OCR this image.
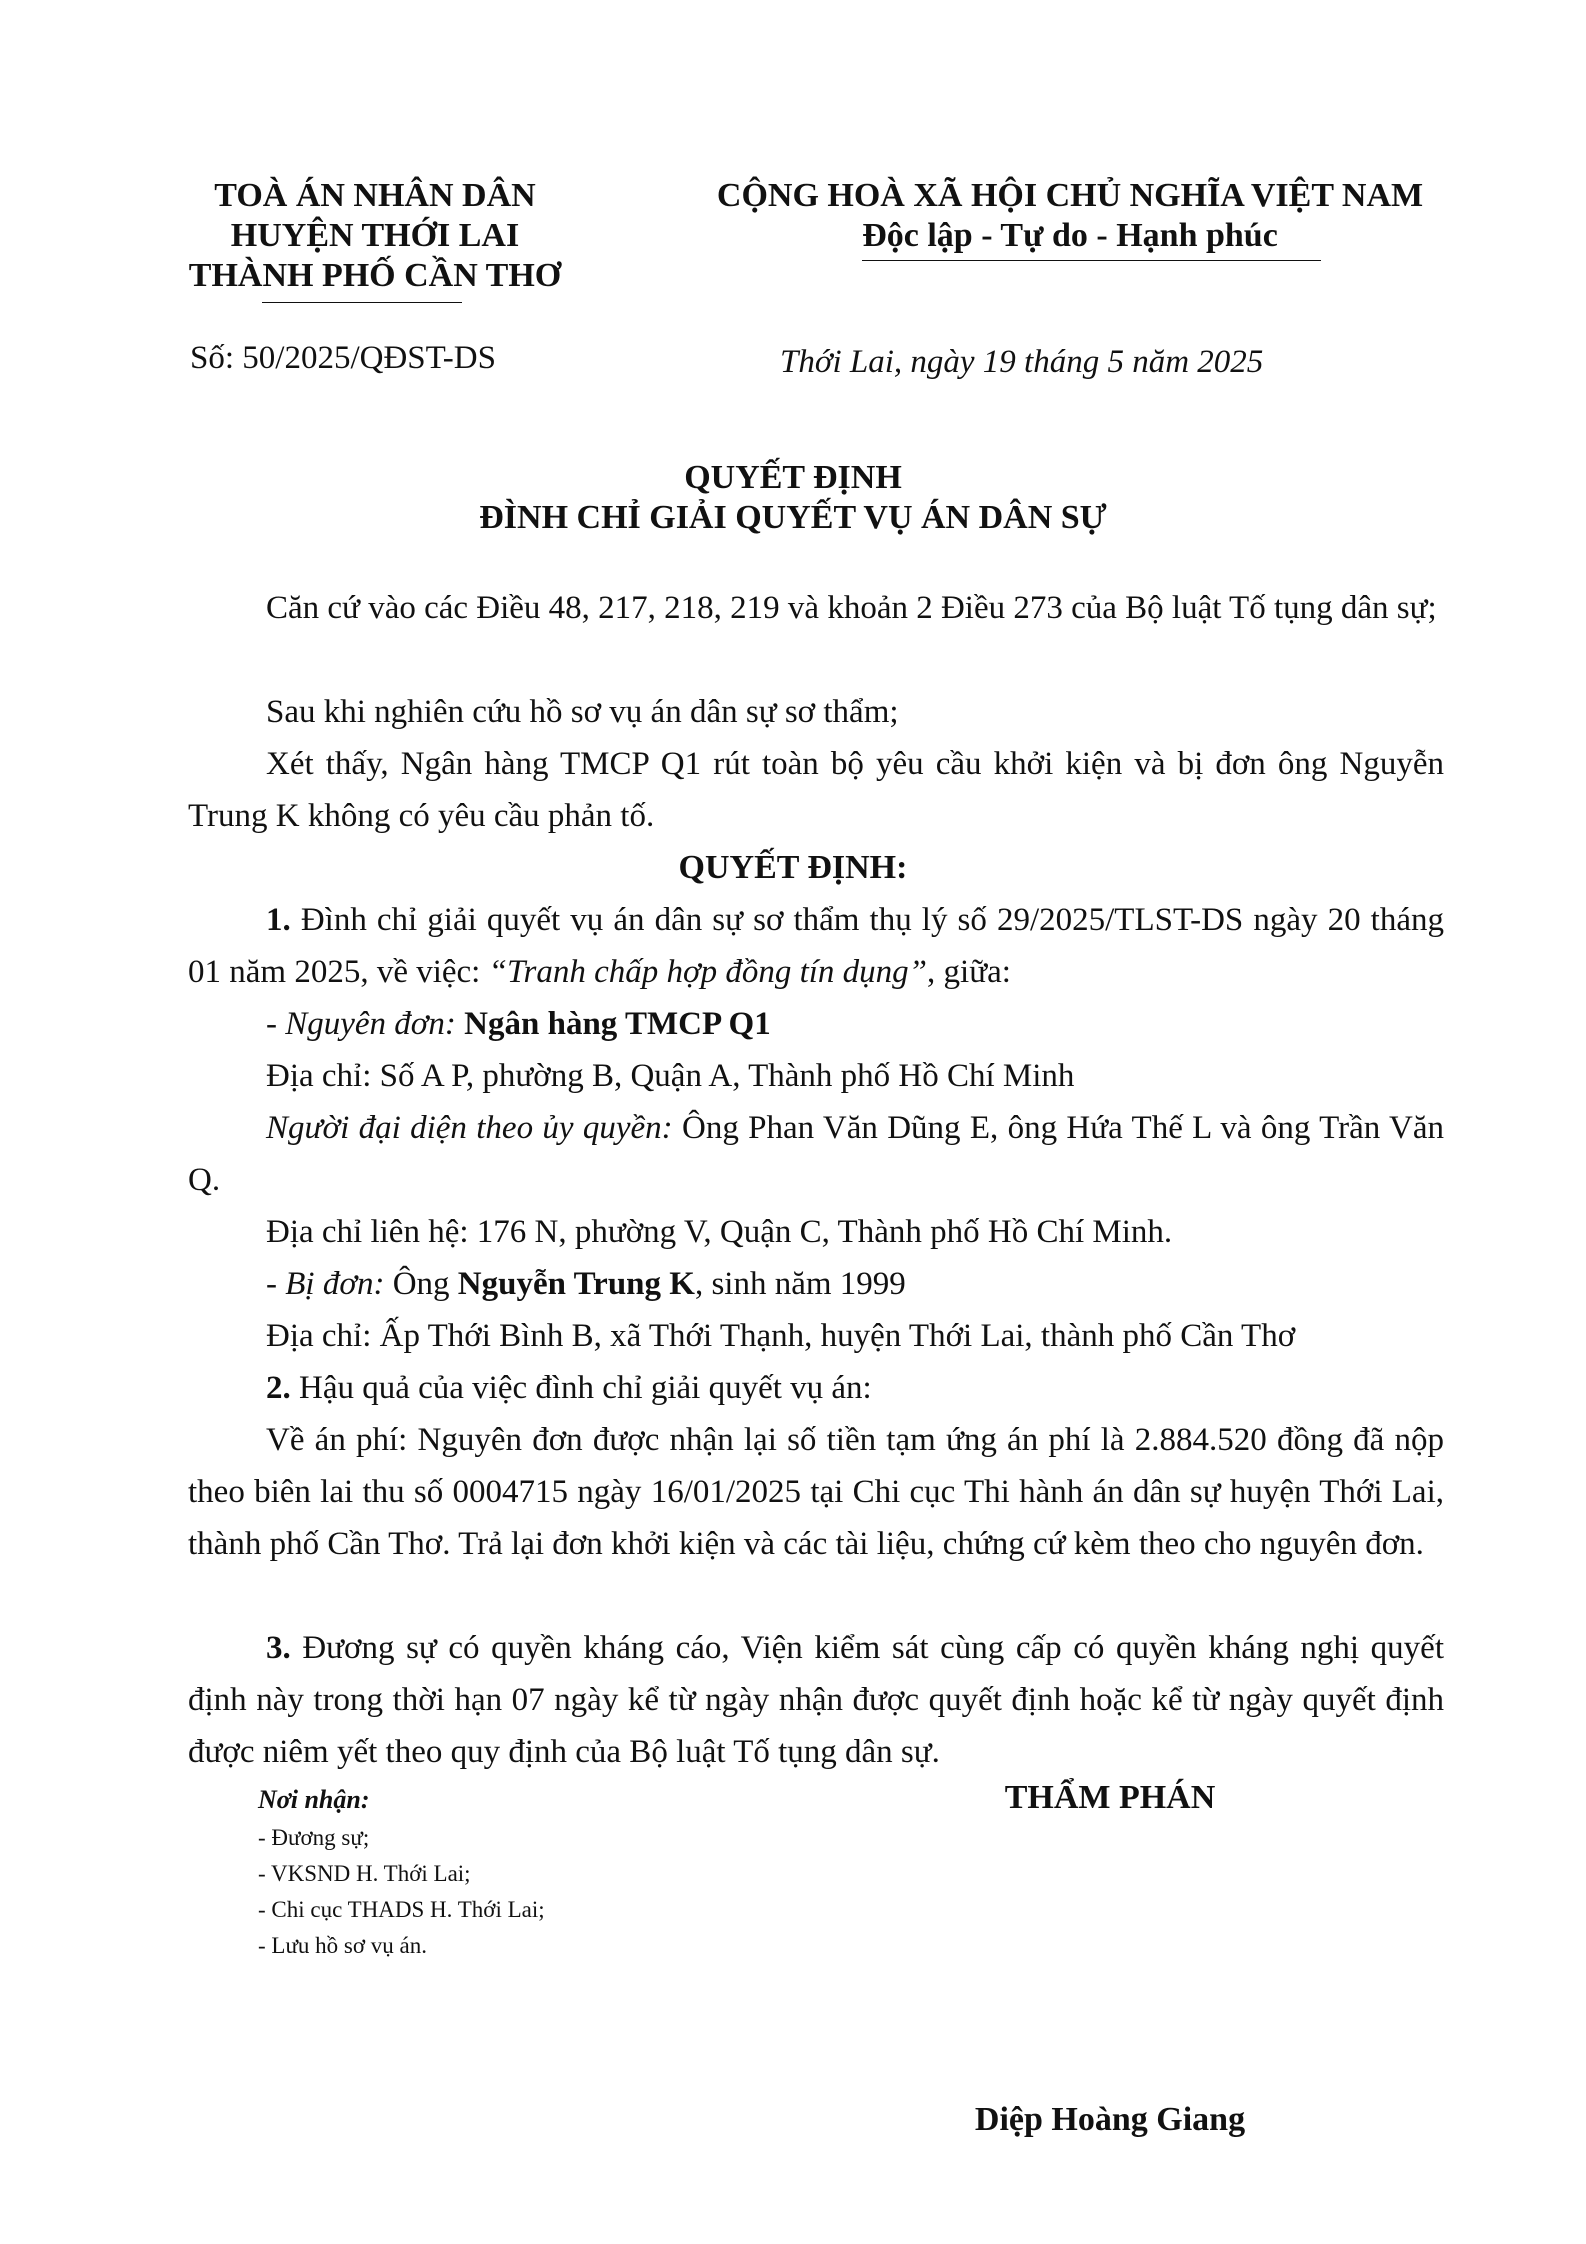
TOÀ ÁN NHÂN DÂN
HUYỆN THỚI LAI
THÀNH PHỐ CẦN THƠ
CỘNG HOÀ XÃ HỘI CHỦ NGHĨA VIỆT NAM
Độc lập - Tự do - Hạnh phúc
Số: 50/2025/QĐST-DS	Thới Lai, ngày 19 tháng 5 năm 2025
QUYẾT ĐỊNH
ĐÌNH CHỈ GIẢI QUYẾT VỤ ÁN DÂN SỰ

Căn cứ vào các Điều 48, 217, 218, 219 và khoản 2 Điều 273 của Bộ luật Tố tụng dân sự;

Sau khi nghiên cứu hồ sơ vụ án dân sự sơ thẩm;

Xét thấy, Ngân hàng TMCP Q1 rút toàn bộ yêu cầu khởi kiện và bị đơn ông Nguyễn Trung K không có yêu cầu phản tố.

QUYẾT ĐỊNH:

1. Đình chỉ giải quyết vụ án dân sự sơ thẩm thụ lý số 29/2025/TLST-DS ngày 20 tháng 01 năm 2025, về việc: “Tranh chấp hợp đồng tín dụng”, giữa:

- Nguyên đơn: Ngân hàng TMCP Q1
Địa chỉ: Số A P, phường B, Quận A, Thành phố Hồ Chí Minh

Người đại diện theo ủy quyền: Ông Phan Văn Dũng E, ông Hứa Thế L và ông Trần Văn Q.

Địa chỉ liên hệ: 176 N, phường V, Quận C, Thành phố Hồ Chí Minh.
- Bị đơn: Ông Nguyễn Trung K, sinh năm 1999
Địa chỉ: Ấp Thới Bình B, xã Thới Thạnh, huyện Thới Lai, thành phố Cần Thơ
2. Hậu quả của việc đình chỉ giải quyết vụ án:

Về án phí: Nguyên đơn được nhận lại số tiền tạm ứng án phí là 2.884.520 đồng đã nộp theo biên lai thu số 0004715 ngày 16/01/2025 tại Chi cục Thi hành án dân sự huyện Thới Lai, thành phố Cần Thơ. Trả lại đơn khởi kiện và các tài liệu, chứng cứ kèm theo cho nguyên đơn.

3. Đương sự có quyền kháng cáo, Viện kiểm sát cùng cấp có quyền kháng nghị quyết định này trong thời hạn 07 ngày kể từ ngày nhận được quyết định hoặc kể từ ngày quyết định được niêm yết theo quy định của Bộ luật Tố tụng dân sự.

Nơi nhận:
- Đương sự;
- VKSND H. Thới Lai;
- Chi cục THADS H. Thới Lai;
- Lưu hồ sơ vụ án.
THẨM PHÁN
Diệp Hoàng Giang
